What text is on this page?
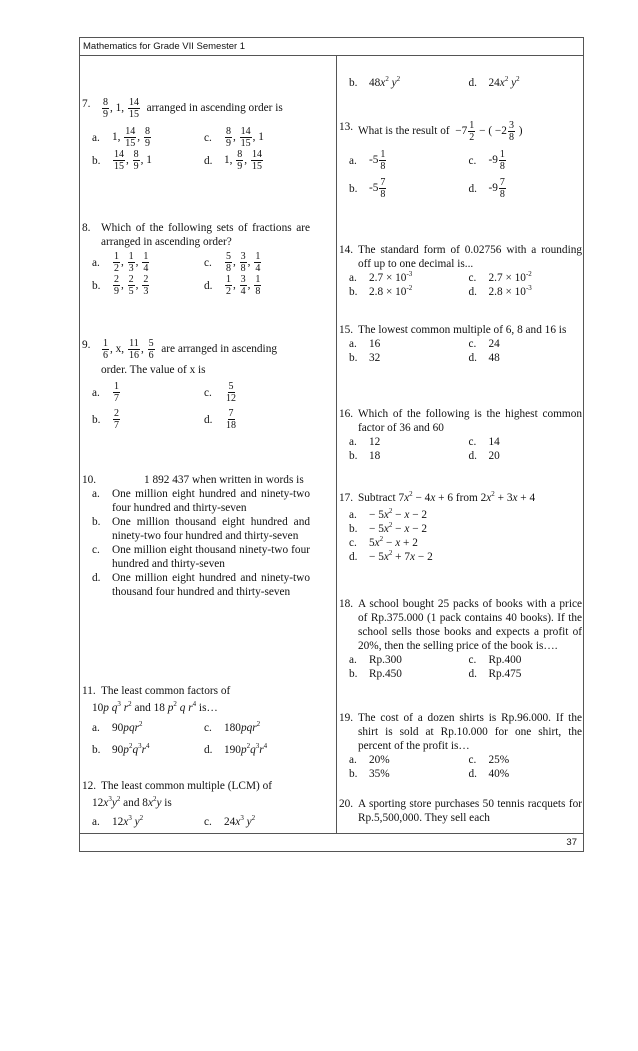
Mathematics for Grade VII Semester 1
37
7.	$\frac{8}{9}$ , 1, $\frac{14}{15}$ arranged in ascending order is
a.	1, $\frac{14}{15}$ , $\frac{8}{9}$	c.	$\frac{8}{9}$ , $\frac{14}{15}$ , 1
b.	$\frac{14}{15}$ , $\frac{8}{9}$ , 1	d.	1, $\frac{8}{9}$ , $\frac{14}{15}$
8. Which of the following sets of fractions are arranged in ascending order?
a.	$\frac{1}{2}$ , $\frac{1}{3}$ , $\frac{1}{4}$	c.	$\frac{5}{8}$ , $\frac{3}{8}$ , $\frac{1}{4}$
b.	$\frac{2}{9}$ , $\frac{2}{5}$ , $\frac{2}{3}$	d.	$\frac{1}{2}$ , $\frac{3}{4}$ , $\frac{1}{8}$
9.	$\frac{1}{6}$ , x, $\frac{11}{16}$ , $\frac{5}{6}$ are arranged in ascending
order. The value of x is
a.	$\frac{1}{7}$	c.	$\frac{5}{12}$
b.	$\frac{2}{7}$	d.	$\frac{7}{18}$
10.	1 892 437 when written in words is
a.	One million eight hundred and ninety-two four hundred and thirty-seven
b.	One million thousand eight hundred and ninety-two four hundred and thirty-seven
c.	One million eight thousand ninety-two four hundred and thirty-seven
d.	One million eight hundred and ninety-two thousand four hundred and thirty-seven
11. The least common factors of
10p $q^3$ $r^2$ and 18 $p^2$ q $r^4$ is…
a.	90pqr$^2$	c.	180pqr$^2$
b.	$90p^2q^3r^4$	d.	$190p^2q^3r^4$
12. The least common multiple (LCM) of
$12x^3y^2$ and $8x^2y$ is
a.	$12x^3$ $y^2$	c.	$24x^3$ $y^2$
b.	$48x^2$ $y^2$	d.	$24x^2$ $y^2$
13. What is the result of $-7 \frac{1}{2}$ − ( $-2 \frac{3}{8}$ )
a.	$-5 \frac{1}{8}$	c.	$-9 \frac{1}{8}$
b.	$-5 \frac{7}{8}$	d.	$-9 \frac{7}{8}$
14. The standard form of 0.02756 with a rounding off up to one decimal is...
a.	$2.7 \times 10^{-3}$	c.	$2.7 \times 10^{-2}$
b.	$2.8 \times 10^{-2}$	d.	$2.8 \times 10^{-3}$
15. The lowest common multiple of 6, 8 and 16 is
a.	16	c.	24
b.	32	d.	48
16. Which of the following is the highest common factor of 36 and 60
a.	12	c.	14
b.	18	d.	20
17. Subtract $7x^2 - 4x + 6$ from $2x^2 + 3x + 4$
a.	− $5x^2 - x - 2$
b.	− $5x^2 - x - 2$
c.	$5x^2 - x + 2$
d.	− $5x^2 + 7x - 2$
18. A school bought 25 packs of books with a price of Rp.375.000 (1 pack contains 40 books). If the school sells those books and expects a profit of 20%, then the selling price of the book is….
a.	Rp.300	c.	Rp.400
b.	Rp.450	d.	Rp.475
19. The cost of a dozen shirts is Rp.96.000. If the shirt is sold at Rp.10.000 for one shirt, the percent of the profit is…
a.	20%	c.	25%
b.	35%	d.	40%
20. A sporting store purchases 50 tennis racquets for Rp.5,500,000. They sell each
